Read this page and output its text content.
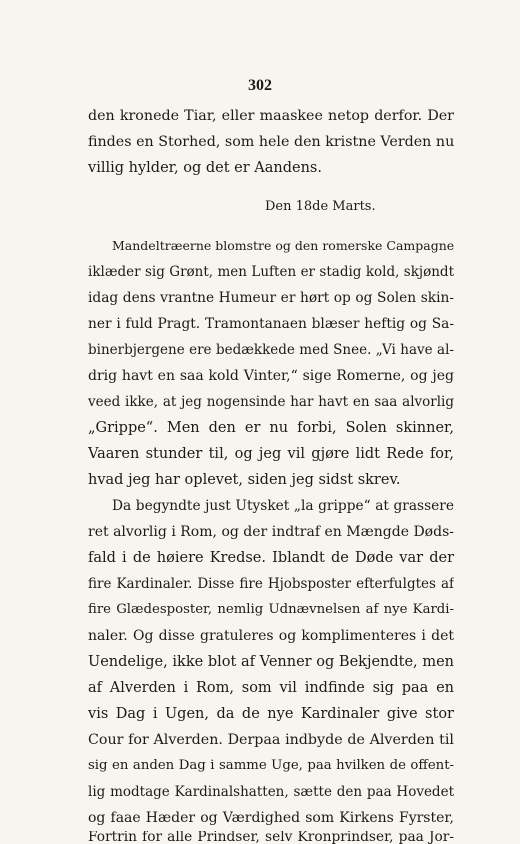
302
den kronede Tiar, eller maaskee netop derfor. Der
findes en Storhed, som hele den kristne Verden nu
villig hylder, og det er Aandens.
Den 18de Marts.
Mandeltræerne blomstre og den romerske Campagne
iklæder sig Grønt, men Luften er stadig kold, skjøndt
idag dens vrantne Humeur er hørt op og Solen skin-
ner i fuld Pragt. Tramontanaen blæser heftig og Sa-
binerbjergene ere bedækkede med Snee. „Vi have al-
drig havt en saa kold Vinter,“ sige Romerne, og jeg
veed ikke, at jeg nogensinde har havt en saa alvorlig
„Grippe“. Men den er nu forbi, Solen skinner,
Vaaren stunder til, og jeg vil gjøre lidt Rede for,
hvad jeg har oplevet, siden jeg sidst skrev.
Da begyndte just Utysket „la grippe“ at grassere
ret alvorlig i Rom, og der indtraf en Mængde Døds-
fald i de høiere Kredse. Iblandt de Døde var der
fire Kardinaler. Disse fire Hjobsposter efterfulgtes af
fire Glædesposter, nemlig Udnævnelsen af nye Kardi-
naler. Og disse gratuleres og komplimenteres i det
Uendelige, ikke blot af Venner og Bekjendte, men
af Alverden i Rom, som vil indfinde sig paa en
vis Dag i Ugen, da de nye Kardinaler give stor
Cour for Alverden. Derpaa indbyde de Alverden til
sig en anden Dag i samme Uge, paa hvilken de offent-
lig modtage Kardinalshatten, sætte den paa Hovedet
og faae Hæder og Værdighed som Kirkens Fyrster,
Fortrin for alle Prindser, selv Kronprindser, paa Jor-
